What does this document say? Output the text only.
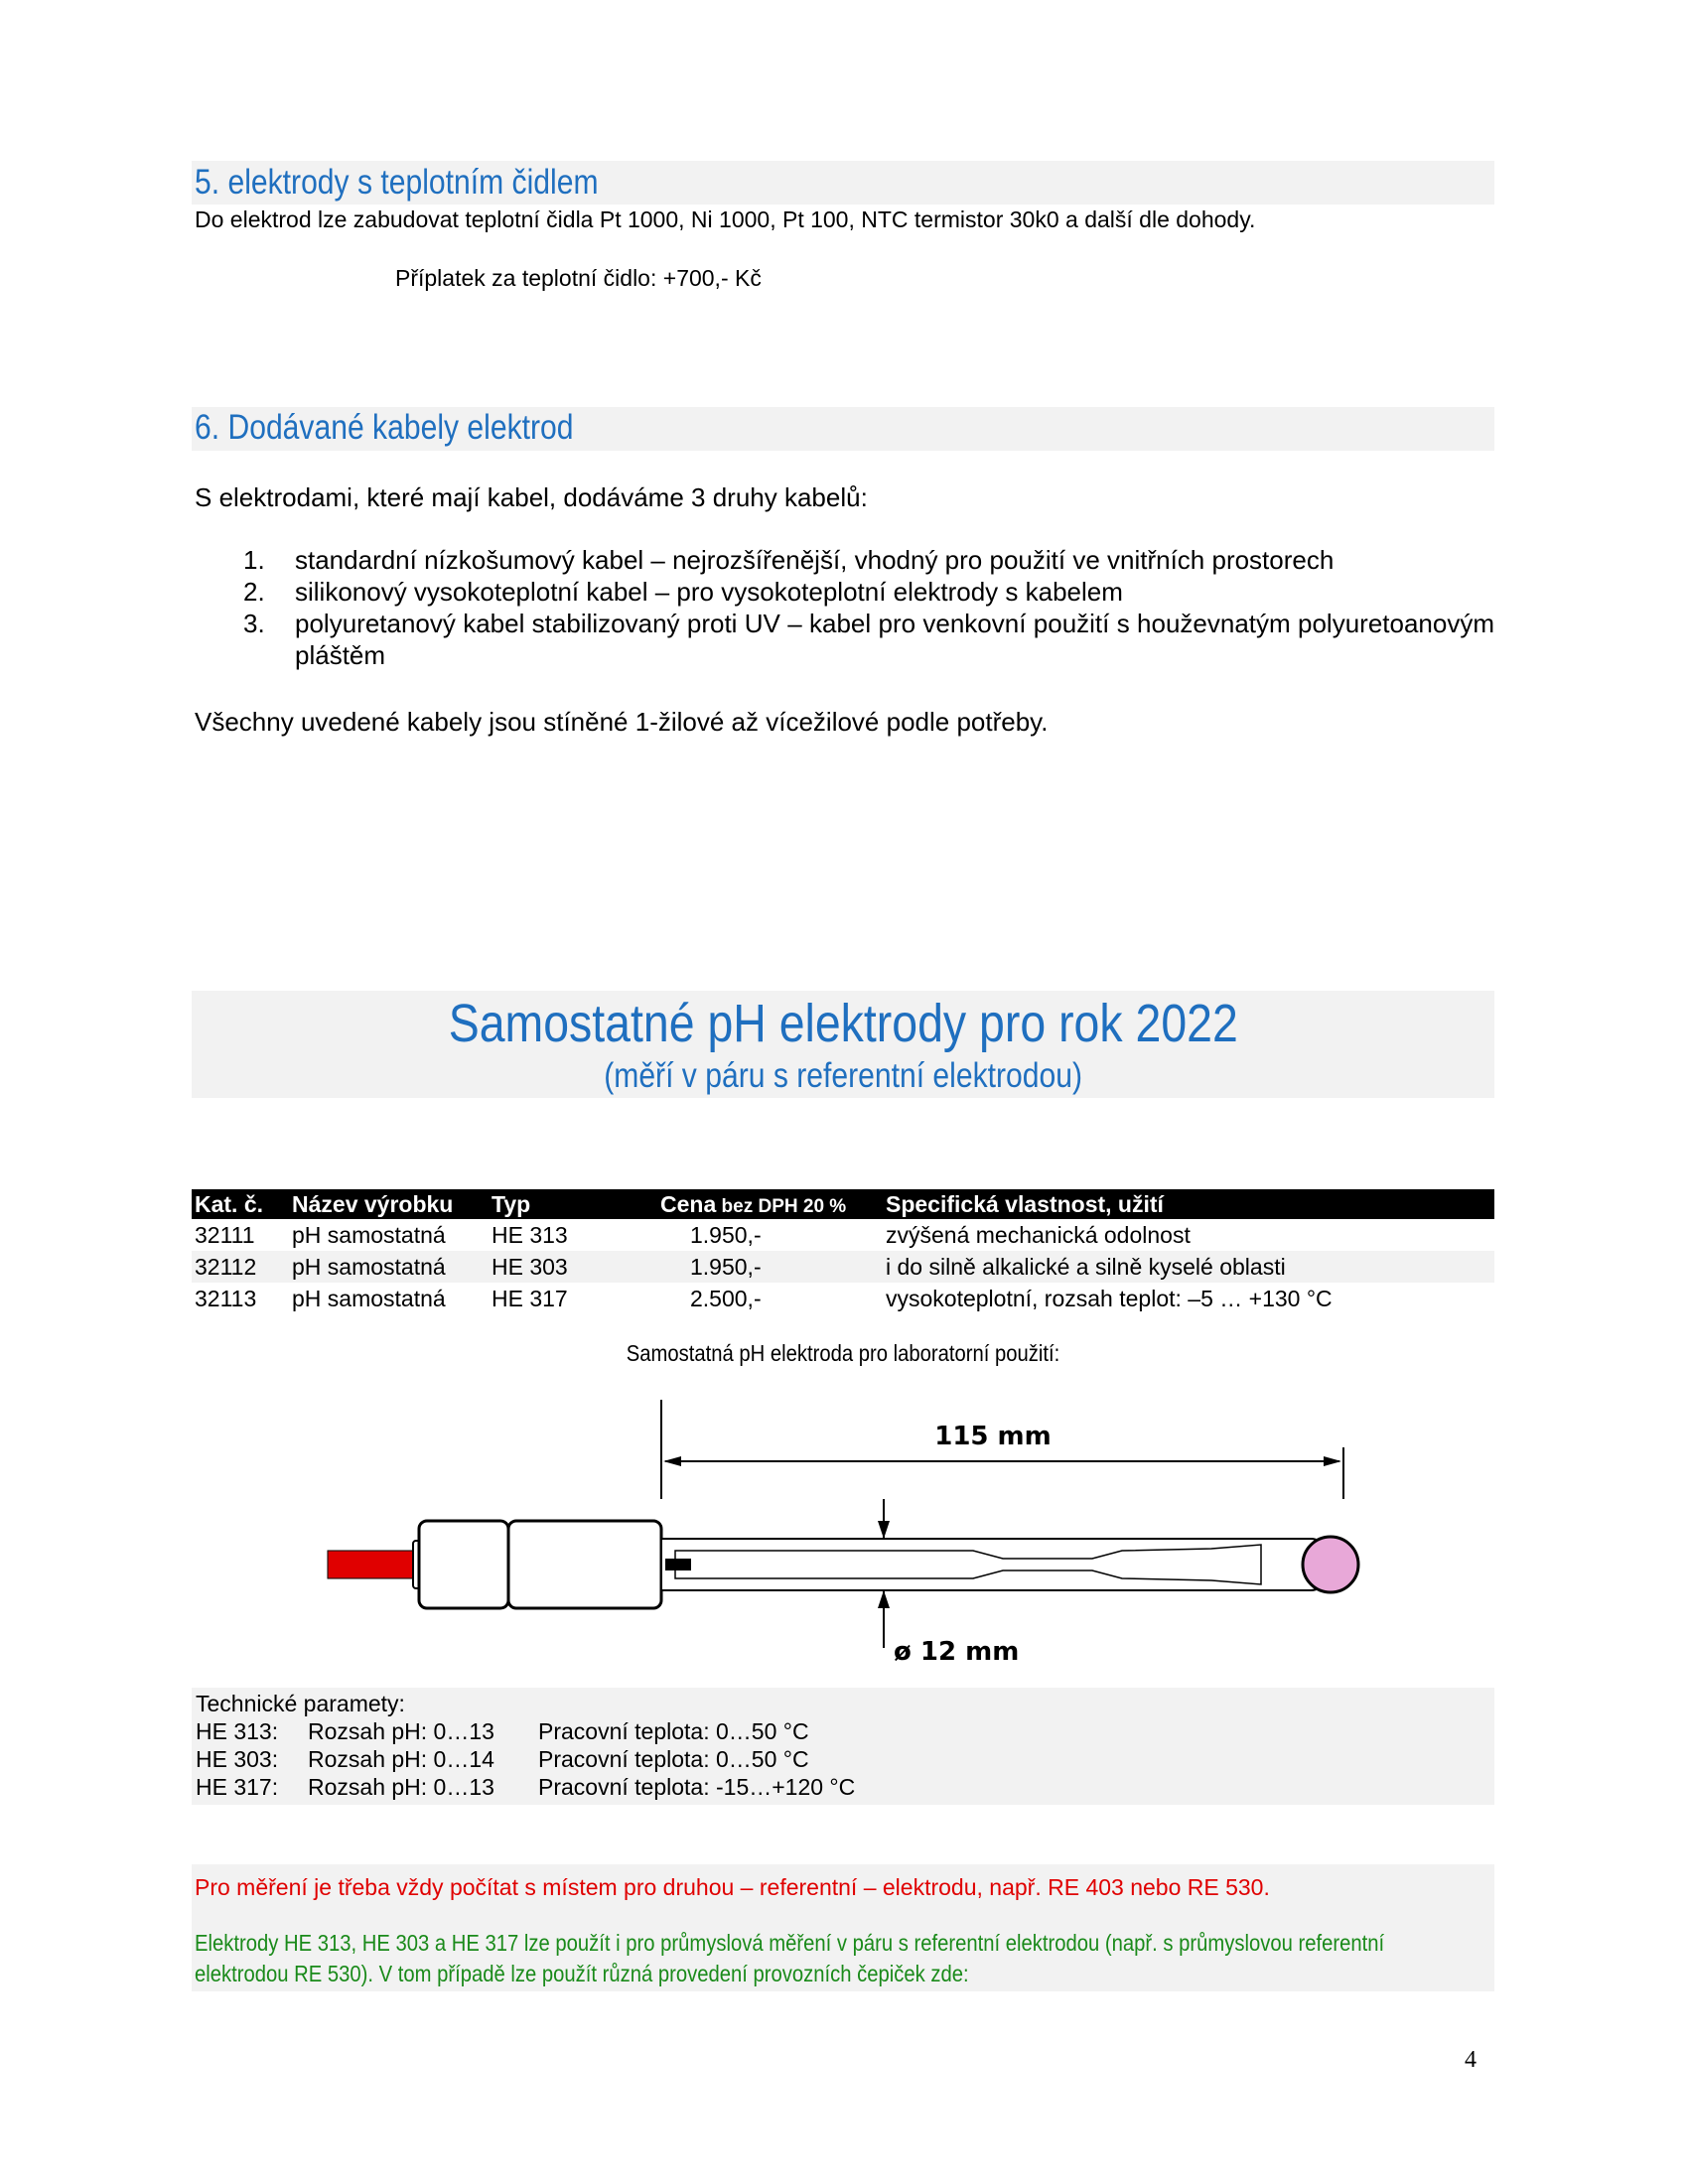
5. elektrody s teplotním čidlem
Do elektrod lze zabudovat teplotní čidla Pt 1000, Ni 1000, Pt 100, NTC termistor 30k0 a další dle dohody.
Příplatek za teplotní čidlo: +700,- Kč
6. Dodávané kabely elektrod
S elektrodami, které mají kabel, dodáváme 3 druhy kabelů:
1. standardní nízkošumový kabel – nejrozšířenější, vhodný pro použití ve vnitřních prostorech
2. silikonový vysokoteplotní kabel – pro vysokoteplotní elektrody s kabelem
3. polyuretanový kabel stabilizovaný proti UV – kabel pro venkovní použití s houževnatým polyuretoanovým pláštěm
Všechny uvedené kabely jsou stíněné 1-žilové až vícežilové podle potřeby.
Samostatné pH elektrody pro rok 2022
(měří v páru s referentní elektrodou)
Kat. č.	Název výrobku	Typ	Cena bez DPH 20 %	Specifická vlastnost, užití
32111	pH samostatná	HE 313	1.950,-	zvýšená mechanická odolnost
32112	pH samostatná	HE 303	1.950,-	i do silně alkalické a silně kyselé oblasti
32113	pH samostatná	HE 317	2.500,-	vysokoteplotní, rozsah teplot: –5 … +130 °C
Samostatná pH elektroda pro laboratorní použití:
115 mm
ø 12 mm
Technické paramety:
HE 313: Rozsah pH: 0…13 Pracovní teplota: 0…50 °C
HE 303: Rozsah pH: 0…14 Pracovní teplota: 0…50 °C
HE 317: Rozsah pH: 0…13 Pracovní teplota: -15…+120 °C
Pro měření je třeba vždy počítat s místem pro druhou – referentní – elektrodu, např. RE 403 nebo RE 530.
Elektrody HE 313, HE 303 a HE 317 lze použít i pro průmyslová měření v páru s referentní elektrodou (např. s průmyslovou referentní elektrodou RE 530). V tom případě lze použít různá provedení provozních čepiček zde:
4
